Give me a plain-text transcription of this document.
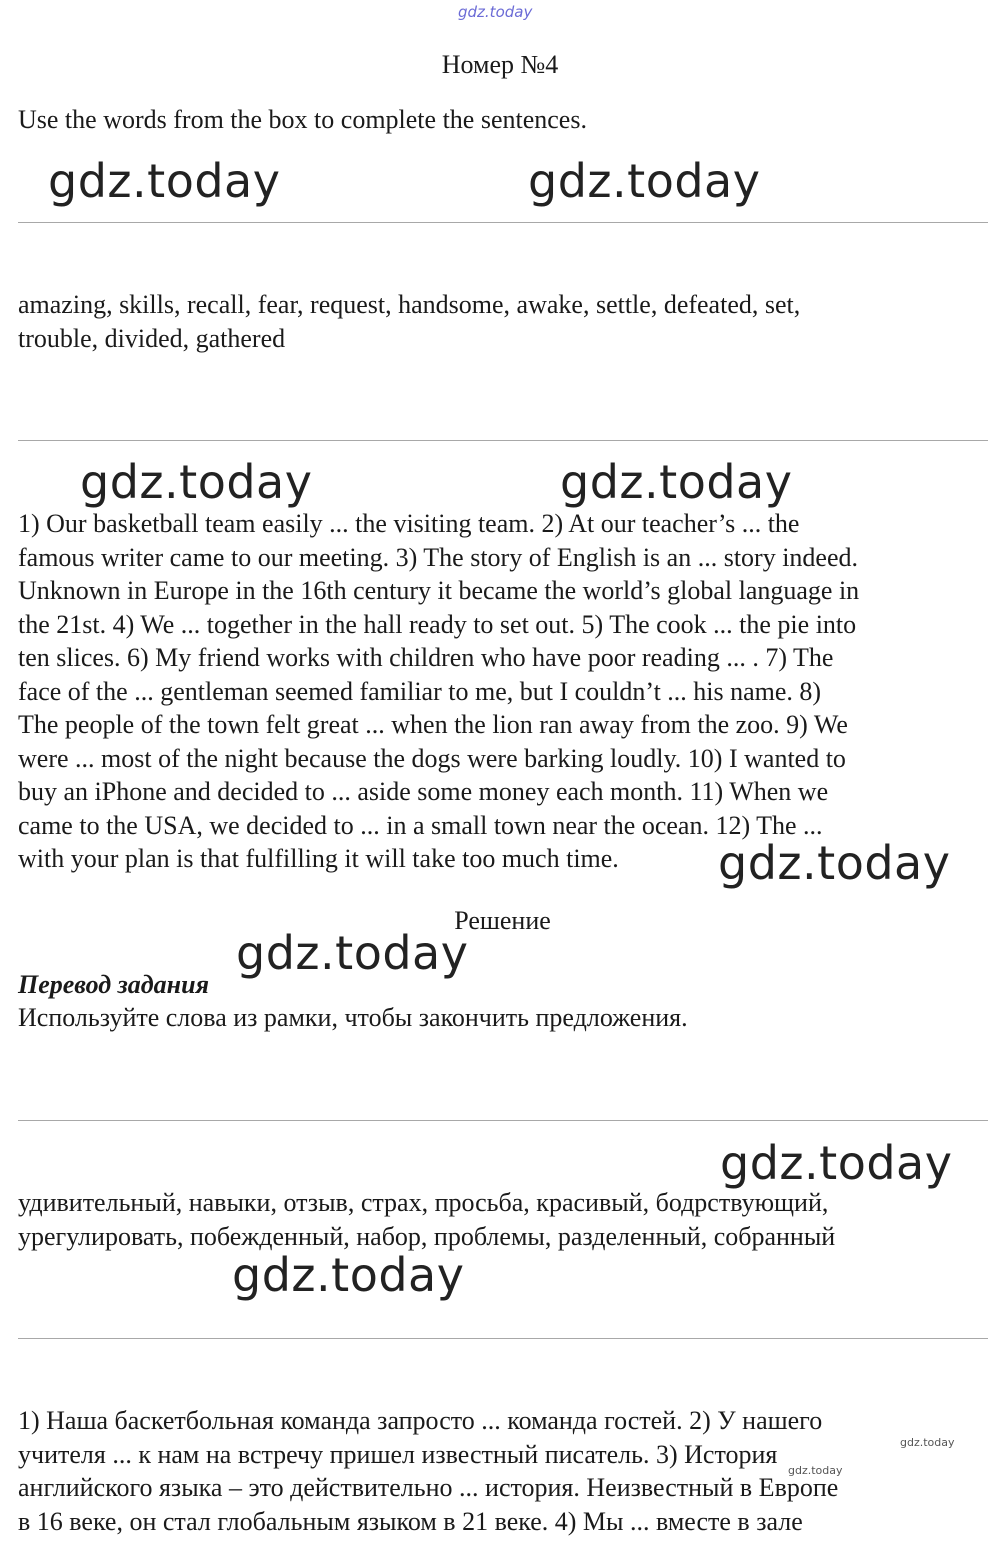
gdz.today
Номер №4
Use the words from the box to complete the sentences.
gdz.today	gdz.today
amazing, skills, recall, fear, request, handsome, awake, settle, defeated, set,
trouble, divided, gathered
gdz.today	gdz.today
1) Our basketball team easily ... the visiting team. 2) At our teacher’s ... the
famous writer came to our meeting. 3) The story of English is an ... story indeed.
Unknown in Europe in the 16th century it became the world’s global language in
the 21st. 4) We ... together in the hall ready to set out. 5) The cook ... the pie into
ten slices. 6) My friend works with children who have poor reading ... . 7) The
face of the ... gentleman seemed familiar to me, but I couldn’t ... his name. 8)
The people of the town felt great ... when the lion ran away from the zoo. 9) We
were ... most of the night because the dogs were barking loudly. 10) I wanted to
buy an iPhone and decided to ... aside some money each month. 11) When we
came to the USA, we decided to ... in a small town near the ocean. 12) The ...
with your plan is that fulfilling it will take too much time.	gdz.today
Решение
gdz.today
Перевод задания
Используйте слова из рамки, чтобы закончить предложения.
gdz.today
удивительный, навыки, отзыв, страх, просьба, красивый, бодрствующий,
урегулировать, побежденный, набор, проблемы, разделенный, собранный
gdz.today
1) Наша баскетбольная команда запросто ... команда гостей. 2) У нашего
учителя ... к нам на встречу пришел известный писатель. 3) История
английского языка – это действительно ... история. Неизвестный в Европе
в 16 веке, он стал глобальным языком в 21 веке. 4) Мы ... вместе в зале
gdz.today
gdz.today
